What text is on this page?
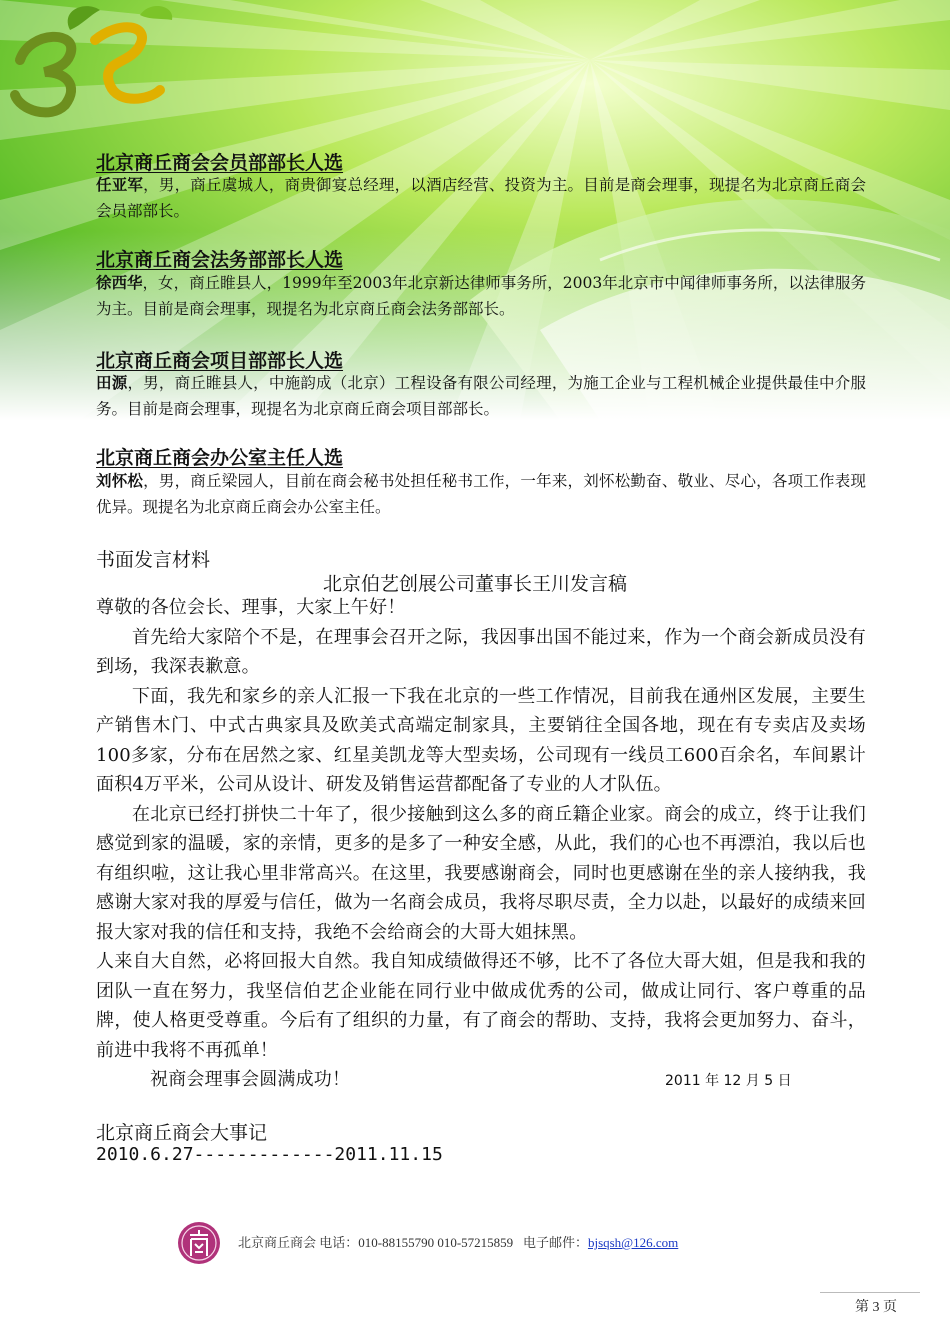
北京商丘商会会员部部长人选
任亚军，男，商丘虞城人，商贵御宴总经理，以酒店经营、投资为主。目前是商会理事，现提名为北京商丘商会会员部部长。
北京商丘商会法务部部长人选
徐西华，女，商丘睢县人，1999年至2003年北京新达律师事务所，2003年北京市中闻律师事务所，以法律服务为主。目前是商会理事，现提名为北京商丘商会法务部部长。
北京商丘商会项目部部长人选
田源，男，商丘睢县人，中施韵成（北京）工程设备有限公司经理，为施工企业与工程机械企业提供最佳中介服务。目前是商会理事，现提名为北京商丘商会项目部部长。
北京商丘商会办公室主任人选
刘怀松，男，商丘梁园人，目前在商会秘书处担任秘书工作，一年来，刘怀松勤奋、敬业、尽心，各项工作表现优异。现提名为北京商丘商会办公室主任。
书面发言材料
北京伯艺创展公司董事长王川发言稿

尊敬的各位会长、理事，大家上午好！

首先给大家陪个不是，在理事会召开之际，我因事出国不能过来，作为一个商会新成员没有到场，我深表歉意。

下面，我先和家乡的亲人汇报一下我在北京的一些工作情况，目前我在通州区发展，主要生产销售木门、中式古典家具及欧美式高端定制家具，主要销往全国各地，现在有专卖店及卖场100多家，分布在居然之家、红星美凯龙等大型卖场，公司现有一线员工600百余名，车间累计面积4万平米，公司从设计、研发及销售运营都配备了专业的人才队伍。

在北京已经打拼快二十年了，很少接触到这么多的商丘籍企业家。商会的成立，终于让我们感觉到家的温暖，家的亲情，更多的是多了一种安全感，从此，我们的心也不再漂泊，我以后也有组织啦，这让我心里非常高兴。在这里，我要感谢商会，同时也更感谢在坐的亲人接纳我，我感谢大家对我的厚爱与信任，做为一名商会成员，我将尽职尽责，全力以赴，以最好的成绩来回报大家对我的信任和支持，我绝不会给商会的大哥大姐抹黑。

人来自大自然，必将回报大自然。我自知成绩做得还不够，比不了各位大哥大姐，但是我和我的团队一直在努力，我坚信伯艺企业能在同行业中做成优秀的公司，做成让同行、客户尊重的品牌，使人格更受尊重。今后有了组织的力量，有了商会的帮助、支持，我将会更加努力、奋斗，前进中我将不再孤单！

祝商会理事会圆满成功！	2011 年 12 月 5 日
北京商丘商会大事记
2010.6.27-------------2011.11.15
北京商丘商会 电话：010-88155790 010-57215859 电子邮件：bjsqsh@126.com
第 3 页
